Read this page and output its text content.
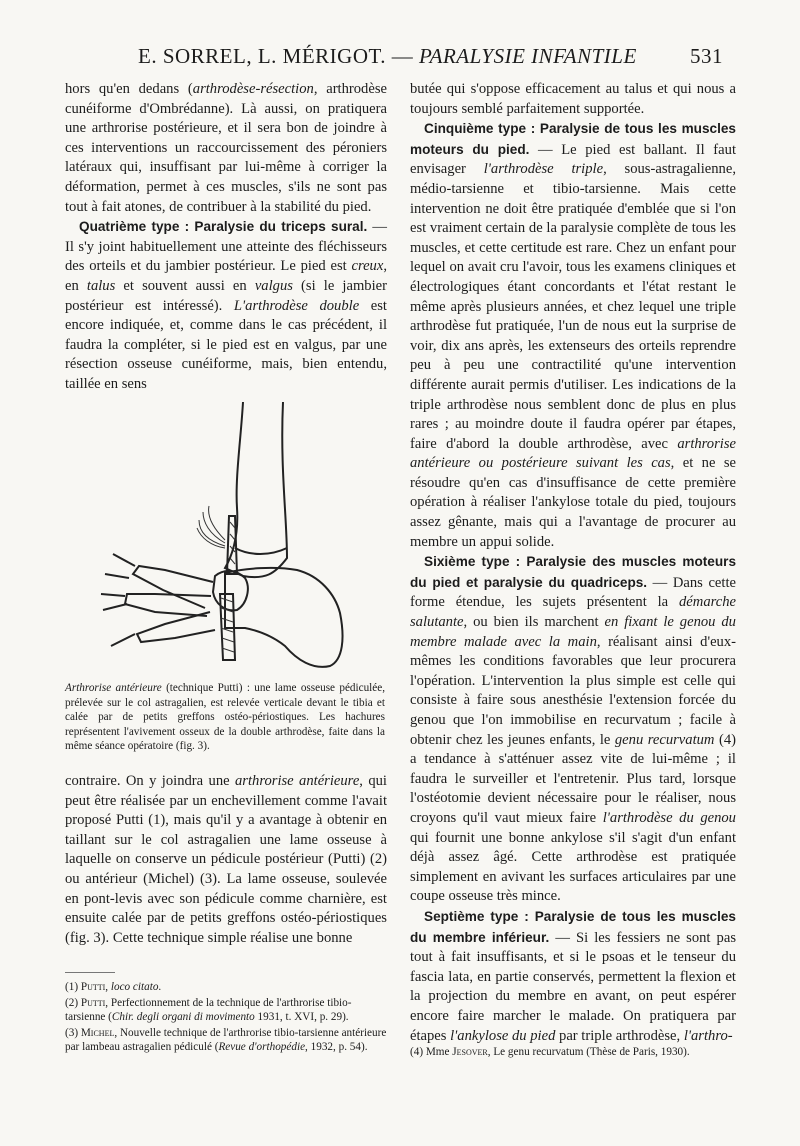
E. SORREL, L. MÉRIGOT. — PARALYSIE INFANTILE	531

hors qu'en dedans (arthrodèse-résection, arthrodèse cunéiforme d'Ombrédanne). Là aussi, on pratiquera une arthrorise postérieure, et il sera bon de joindre à ces interventions un raccourcissement des péroniers latéraux qui, insuffisant par lui-même à corriger la déformation, permet à ces muscles, s'ils ne sont pas tout à fait atones, de contribuer à la stabilité du pied.

Quatrième type : Paralysie du triceps sural. — Il s'y joint habituellement une atteinte des fléchisseurs des orteils et du jambier postérieur. Le pied est creux, en talus et souvent aussi en valgus (si le jambier postérieur est intéressé). L'arthrodèse double est encore indiquée, et, comme dans le cas précédent, il faudra la compléter, si le pied est en valgus, par une résection osseuse cunéiforme, mais, bien entendu, taillée en sens

Arthrorise antérieure (technique Putti) : une lame osseuse pédiculée, prélevée sur le col astragalien, est relevée verticale devant le tibia et calée par de petits greffons ostéo-périostiques. Les hachures représentent l'avivement osseux de la double arthrodèse, faite dans la même séance opératoire (fig. 3).

contraire. On y joindra une arthrorise antérieure, qui peut être réalisée par un enchevillement comme l'avait proposé Putti (1), mais qu'il y a avantage à obtenir en taillant sur le col astragalien une lame osseuse à laquelle on conserve un pédicule postérieur (Putti) (2) ou antérieur (Michel) (3). La lame osseuse, soulevée en pont-levis avec son pédicule comme charnière, est ensuite calée par de petits greffons ostéo-périostiques (fig. 3). Cette technique simple réalise une bonne

(1) Putti, loco citato.

(2) Putti, Perfectionnement de la technique de l'arthrorise tibio-tarsienne (Chir. degli organi di movimento 1931, t. XVI, p. 29).

(3) Michel, Nouvelle technique de l'arthrorise tibio-tarsienne antérieure par lambeau astragalien pédiculé (Revue d'orthopédie, 1932, p. 54).

butée qui s'oppose efficacement au talus et qui nous a toujours semblé parfaitement supportée.

Cinquième type : Paralysie de tous les muscles moteurs du pied. — Le pied est ballant. Il faut envisager l'arthrodèse triple, sous-astragalienne, médio-tarsienne et tibio-tarsienne. Mais cette intervention ne doit être pratiquée d'emblée que si l'on est vraiment certain de la paralysie complète de tous les muscles, et cette certitude est rare. Chez un enfant pour lequel on avait cru l'avoir, tous les examens cliniques et électrologiques étant concordants et l'état restant le même après plusieurs années, et chez lequel une triple arthrodèse fut pratiquée, l'un de nous eut la surprise de voir, dix ans après, les extenseurs des orteils reprendre peu à peu une contractilité qu'une intervention différente aurait permis d'utiliser. Les indications de la triple arthrodèse nous semblent donc de plus en plus rares ; au moindre doute il faudra opérer par étapes, faire d'abord la double arthrodèse, avec arthrorise antérieure ou postérieure suivant les cas, et ne se résoudre qu'en cas d'insuffisance de cette première opération à réaliser l'ankylose totale du pied, toujours assez gênante, mais qui a l'avantage de procurer au membre un appui solide.

Sixième type : Paralysie des muscles moteurs du pied et paralysie du quadriceps. — Dans cette forme étendue, les sujets présentent la démarche salutante, ou bien ils marchent en fixant le genou du membre malade avec la main, réalisant ainsi d'eux-mêmes les conditions favorables que leur procurera l'opération. L'intervention la plus simple est celle qui consiste à faire sous anesthésie l'extension forcée du genou que l'on immobilise en recurvatum ; facile à obtenir chez les jeunes enfants, le genu recurvatum (4) a tendance à s'atténuer assez vite de lui-même ; il faudra le surveiller et l'entretenir. Plus tard, lorsque l'ostéotomie devient nécessaire pour le réaliser, nous croyons qu'il vaut mieux faire l'arthrodèse du genou qui fournit une bonne ankylose s'il s'agit d'un enfant déjà assez âgé. Cette arthrodèse est pratiquée simplement en avivant les surfaces articulaires par une coupe osseuse très mince.

Septième type : Paralysie de tous les muscles du membre inférieur. — Si les fessiers ne sont pas tout à fait insuffisants, et si le psoas et le tenseur du fascia lata, en partie conservés, permettent la flexion et la projection du membre en avant, on peut espérer encore faire marcher le malade. On pratiquera par étapes l'ankylose du pied par triple arthrodèse, l'arthro-

(4) Mme Jesover, Le genu recurvatum (Thèse de Paris, 1930).
